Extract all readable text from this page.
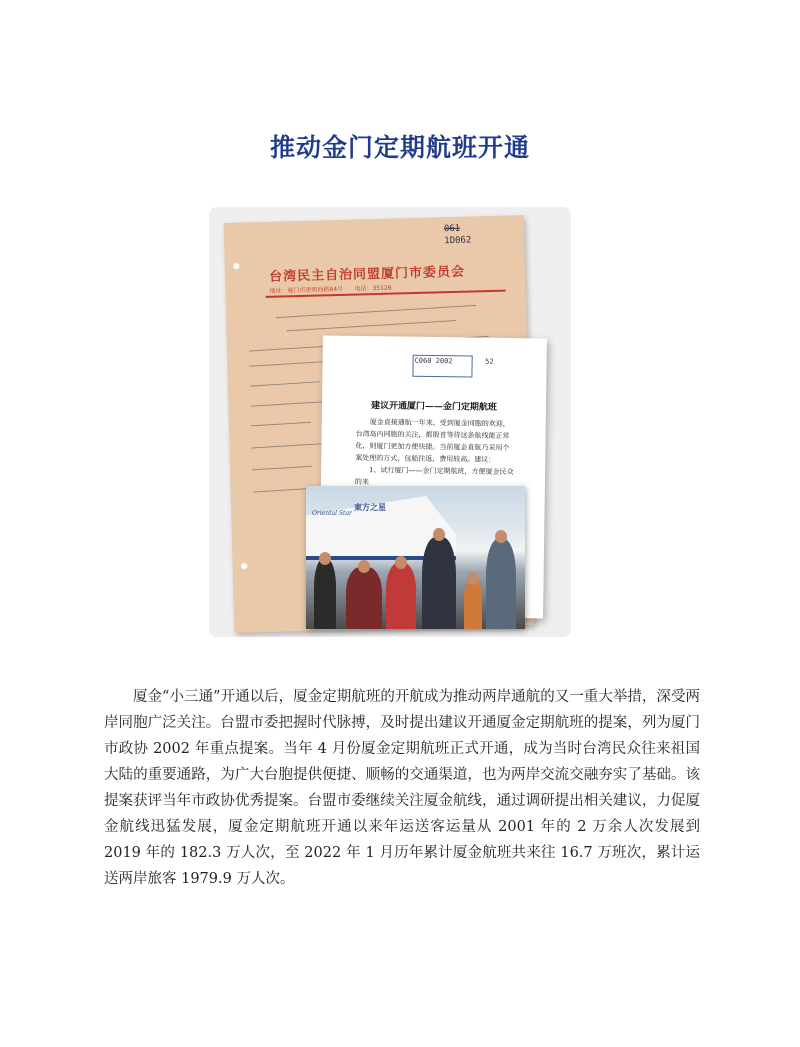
推动金门定期航班开通
061
1D062
台湾民主自治同盟厦门市委员会
地址：厦门市思明西路64号 电话：35126
C060 2002	52
建议开通厦门——金门定期航班
厦金直接通航一年来，受到厦金同胞的欢迎，台湾岛内同胞的关注，都殷首等待这条航线能正常化，则厦门更加方便快捷。当前厦金直航乃采用个案处理的方式，包船往返，费用较高。建议：
1、试行厦门——金门定期航班，方便厦金民众的来
東方之星
Oriental Star

厦金“小三通”开通以后，厦金定期航班的开航成为推动两岸通航的又一重大举措，深受两岸同胞广泛关注。台盟市委把握时代脉搏，及时提出建议开通厦金定期航班的提案，列为厦门市政协 2002 年重点提案。当年 4 月份厦金定期航班正式开通，成为当时台湾民众往来祖国大陆的重要通路，为广大台胞提供便捷、顺畅的交通渠道，也为两岸交流交融夯实了基础。该提案获评当年市政协优秀提案。台盟市委继续关注厦金航线，通过调研提出相关建议，力促厦金航线迅猛发展，厦金定期航班开通以来年运送客运量从 2001 年的 2 万余人次发展到 2019 年的 182.3 万人次，至 2022 年 1 月历年累计厦金航班共来往 16.7 万班次，累计运送两岸旅客 1979.9 万人次。
